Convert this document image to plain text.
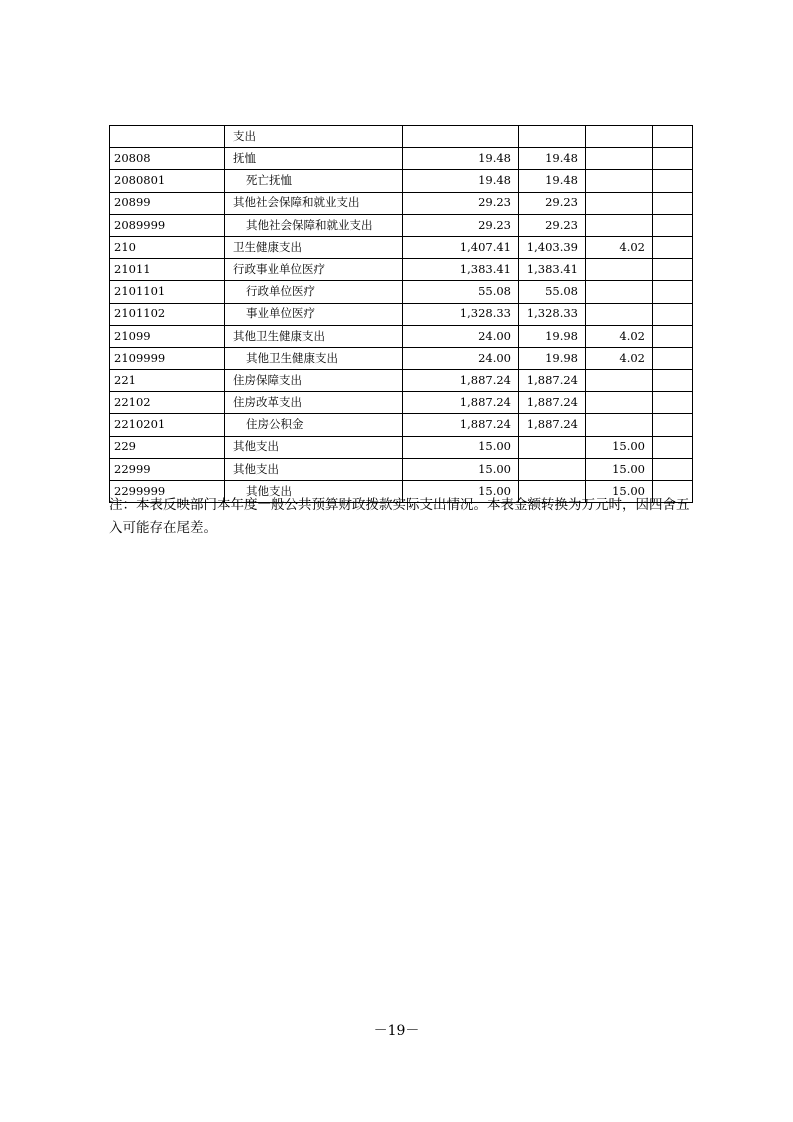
	支出				
20808	抚恤	19.48	19.48		
2080801	死亡抚恤	19.48	19.48		
20899	其他社会保障和就业支出	29.23	29.23		
2089999	其他社会保障和就业支出	29.23	29.23		
210	卫生健康支出	1,407.41	1,403.39	4.02	
21011	行政事业单位医疗	1,383.41	1,383.41		
2101101	行政单位医疗	55.08	55.08		
2101102	事业单位医疗	1,328.33	1,328.33		
21099	其他卫生健康支出	24.00	19.98	4.02	
2109999	其他卫生健康支出	24.00	19.98	4.02	
221	住房保障支出	1,887.24	1,887.24		
22102	住房改革支出	1,887.24	1,887.24		
2210201	住房公积金	1,887.24	1,887.24		
229	其他支出	15.00		15.00	
22999	其他支出	15.00		15.00	
2299999	其他支出	15.00		15.00	

注：本表反映部门本年度一般公共预算财政拨款实际支出情况。本表金额转换为万元时，因四舍五入可能存在尾差。

－19－
